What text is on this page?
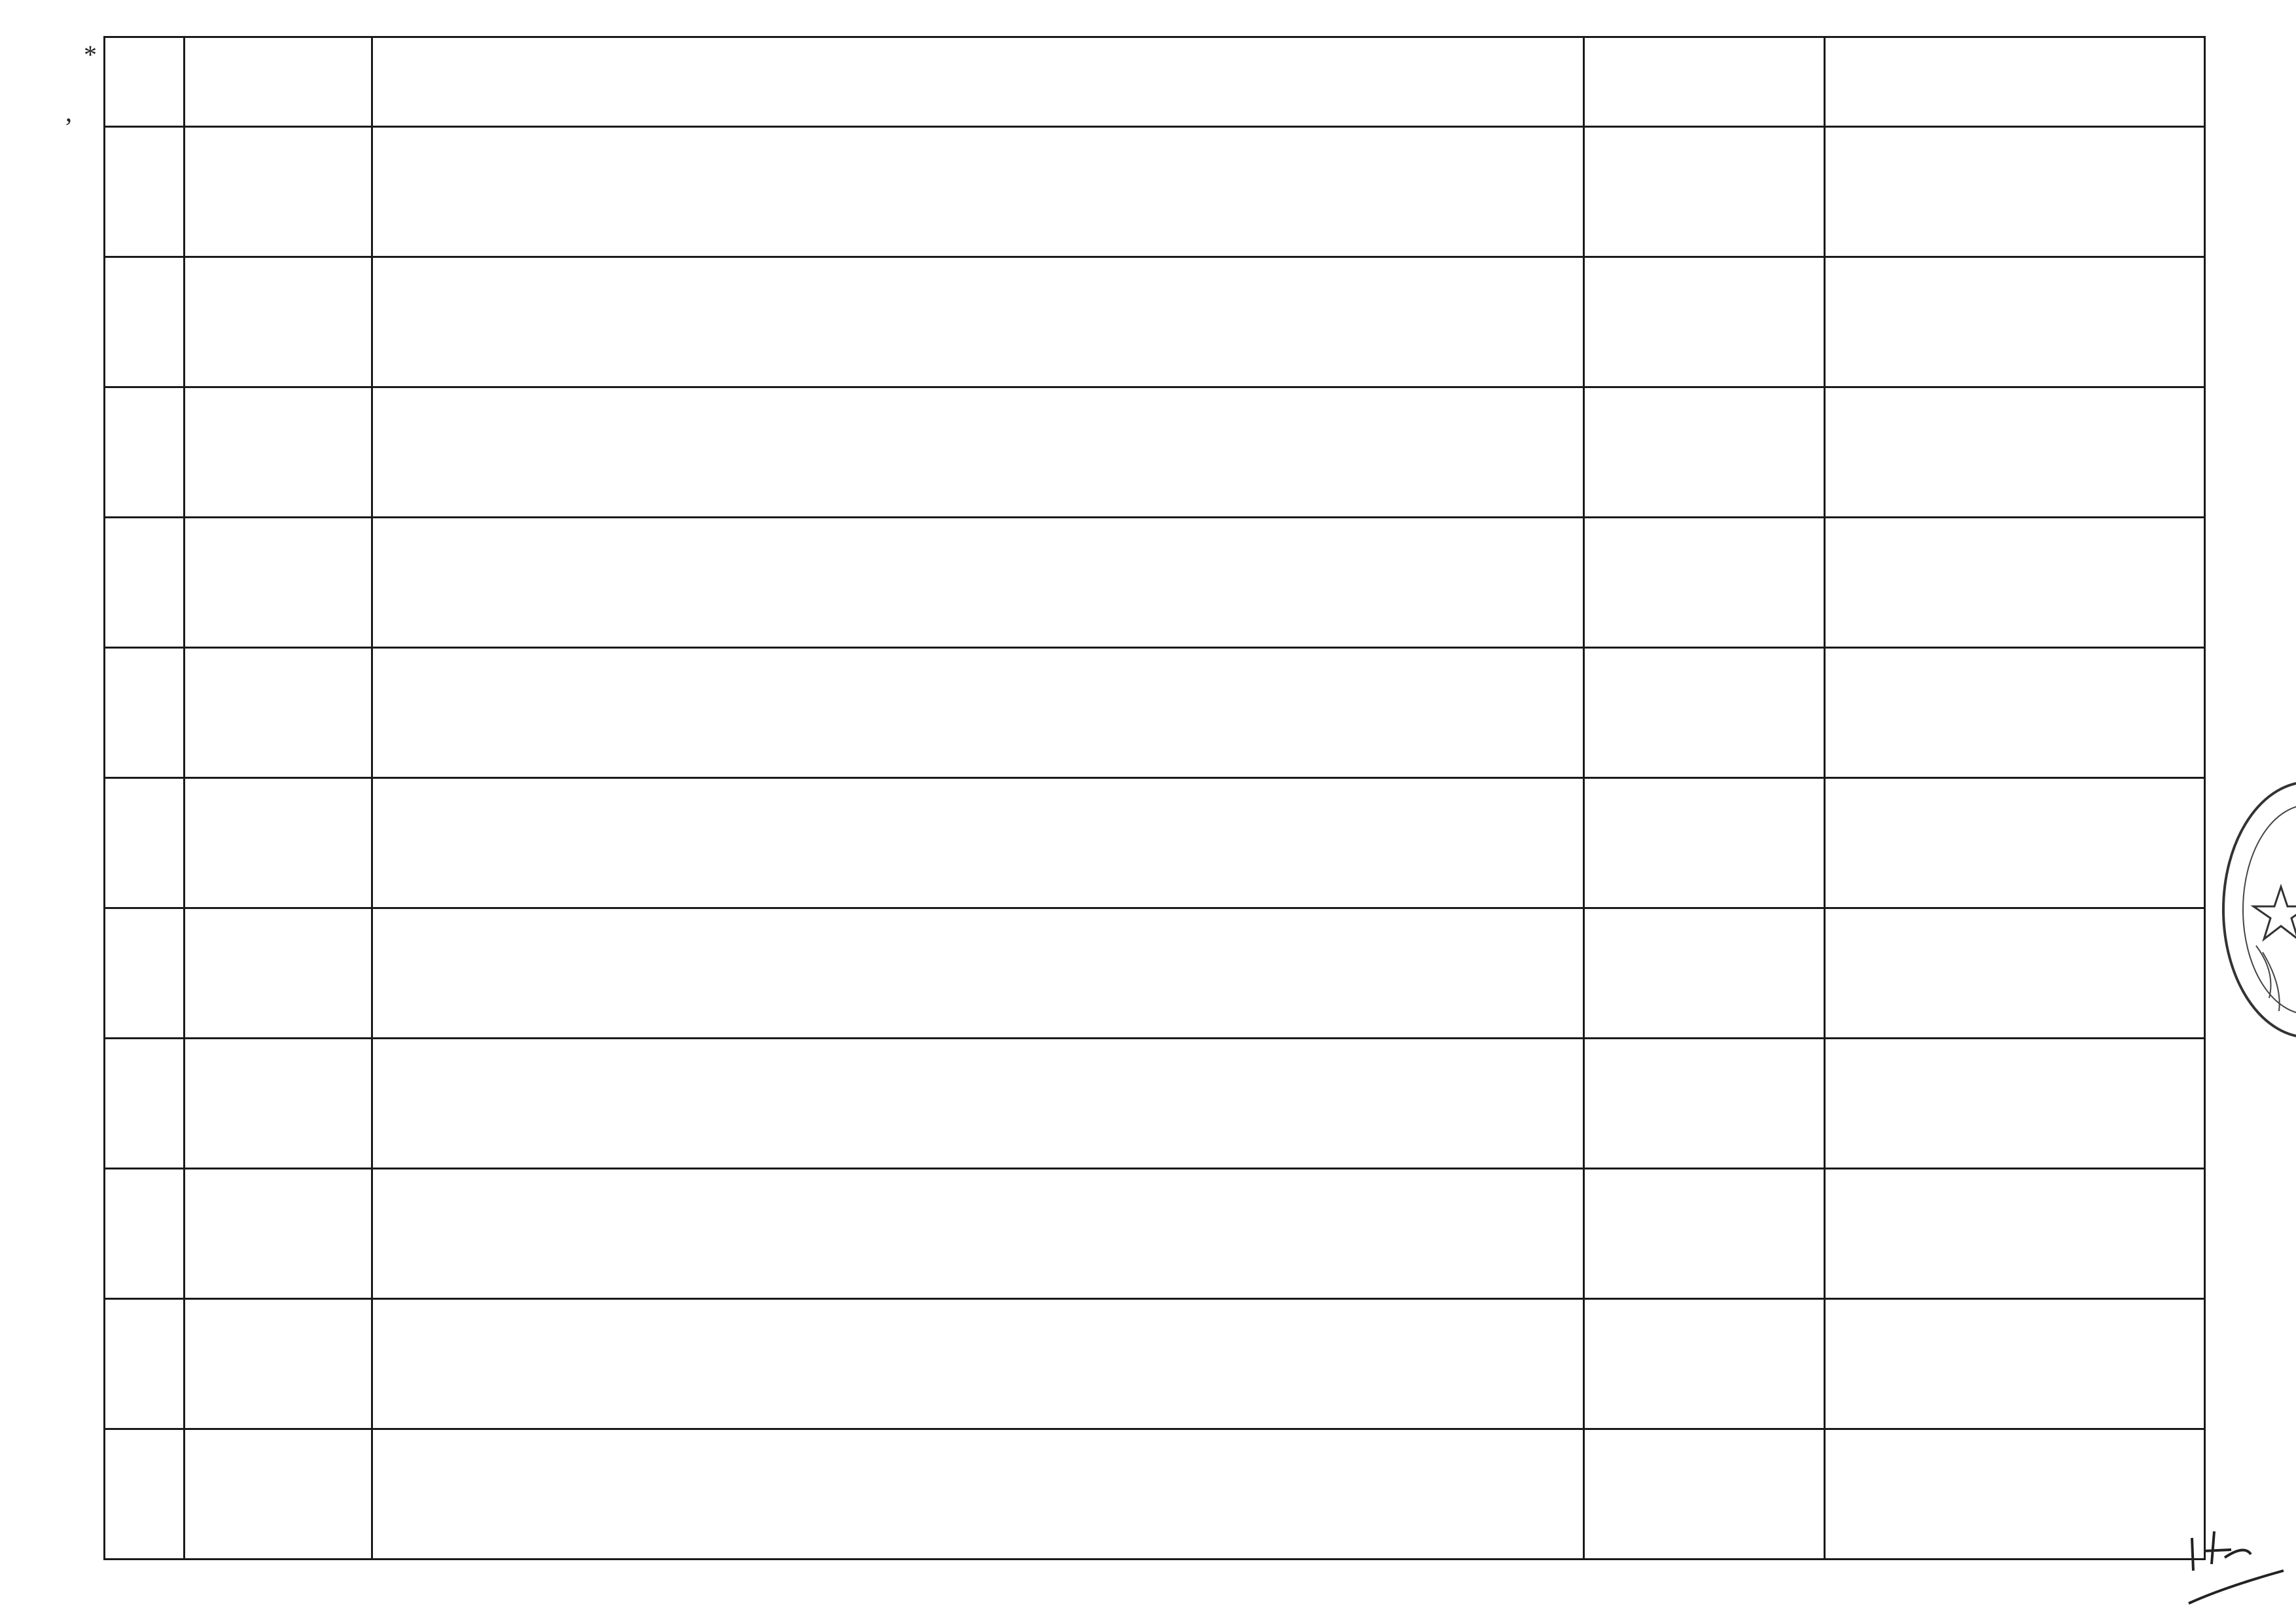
*
,
